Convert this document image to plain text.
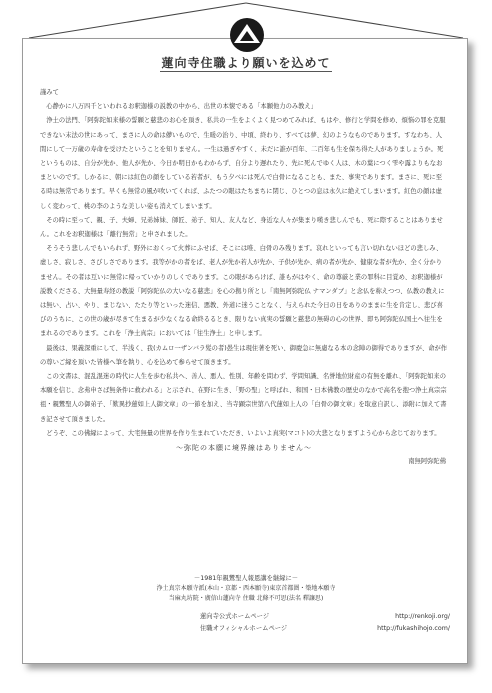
蓮向寺住職より願いを込めて

謹みて

心静かに八万四千といわれるお釈迦様の説教の中から、出世の本懐である「本願他力のみ教え」

浄土の法門、「阿弥陀如来様の誓願と慈悲のお心を頂き、私共の一生をよくよく見つめてみれば、もはや、修行と学問を修め、煩悩の罪を克服できない末法の世にあって、まさに人の命は儚いもので、生暖の治り、中頃、終わり、すべては夢、幻のようなものであります。すなわち、人間にして一万歳の寿命を受けたということを知りません。一生は過ぎやすく、未だに誰が百年、二百年も生を保ち得た人がありましょうか。死というものは、自分が先か、他人が先か、今日か明日かもわからず、自分より遅れたり、先に死んでゆく人は、木の葉につく雫や露よりもなおまといのです。しかるに、朝には紅色の顔をしている若者が、もう夕べには死んで白骨になることも、また、事実であります。まさに、死に至る時は無常であります。早くも無常の風が吹いてくれば、ふたつの眼はたちまちに閉じ、ひとつの息は永久に絶えてしまいます。紅色の顔は虚しく変わって、桃の李のような美しい姿も消えてしまいます。

その時に至って、親、子、夫婦、兄弟姉妹、師匠、弟子、知人、友人など、身近な人々が集まり嘆き悲しんでも、死に際することはありません。これをお釈迦様は「離行無常」と申されました。

そうそう悲しんでもいられず、野外におくって火葬にふせば、そこには唯、白骨のみ残ります。哀れといっても言い切れないほどの悲しみ、虚しさ、寂しさ、さびしさであります。我等がかの者をば、老人が先か若人が先か、子供が先か、病の者が先か、健康な者が先か、全く分かりません。その者は互いに無常に帰っていかりのしくであります。この眼があらけば、誰もがはやく、命の尊厳と業の罪科に目覚め、お釈迦様が説教くださる、大無量寿経の教説「阿弥陀仏の大いなる慈悲」を心の拠り所とし「南無阿弥陀仏 ナマンダブ」と念仏を称えつつ、仏教の教えには無い、占い、やり、まじない、たたり等といった迷信、悪教、外道に迷うことなく、与えられた今日の日をありのままに生を肯定し、悲び喜びのうちに、この世の歳が尽きて生まるが少なくなる命終るるとき、限りない真実の誓願と慈悲の無碍の心の世界、即ち阿弥陀仏国土へ往生をまれるのであります。これを「浄土真宗」においては「往生浄土」と申します。

最後は、果義深重にして、半浅く、我(カムロ一ザンバラ髪の者)愚生は現住著を死い、御慶急に無慮なる本の念陣の御得でありますが、命が作の尊いご縁を頂いた皆様へ筆を執り、心を込めて参らせて頂きます。

この文書は、混乱混迷の時代に人生を歩む私共へ、善人、悪人、性別、年齢を問わず、学問知識、名誉地位財産の有無を離れ、「阿弥陀如来の本願を信じ、念弗申さば無条件に救われる」と示され、在野に生き、「野の聖」と呼ばれ、和国・日本佛教の歴史のなかで高名を抱つ浄土真宗宗祖・親鸞聖人の御弟子、「歎異抄蓮如上人御文章」の一節を加え、当寺顕宗世第八代蓮如上人の「白骨の御文章」を取意自訳し、添附に加えて書き記させて頂きました。

どうぞ、この佛縁によって、大宅無量の世界を作り生まれていただき、いよいよ真実(マコト)の大悲となりますよう心から念じております。

～弥陀の本願に境界線はありません～

南無阿弥陀佛

－1981年親鸞聖人報恩講を継縁に－
浄土真宗本願寺派(本山・京都・西本願寺)東京首都圏・築地本願寺
当麻丸坊院・廣信山蓮向寺 住職 北條不可思(法名 釋讓思)
蓮向寺公式ホームページ	http://renkoji.org/
住職オフィシャルホームページ	http://fukashihojo.com/
